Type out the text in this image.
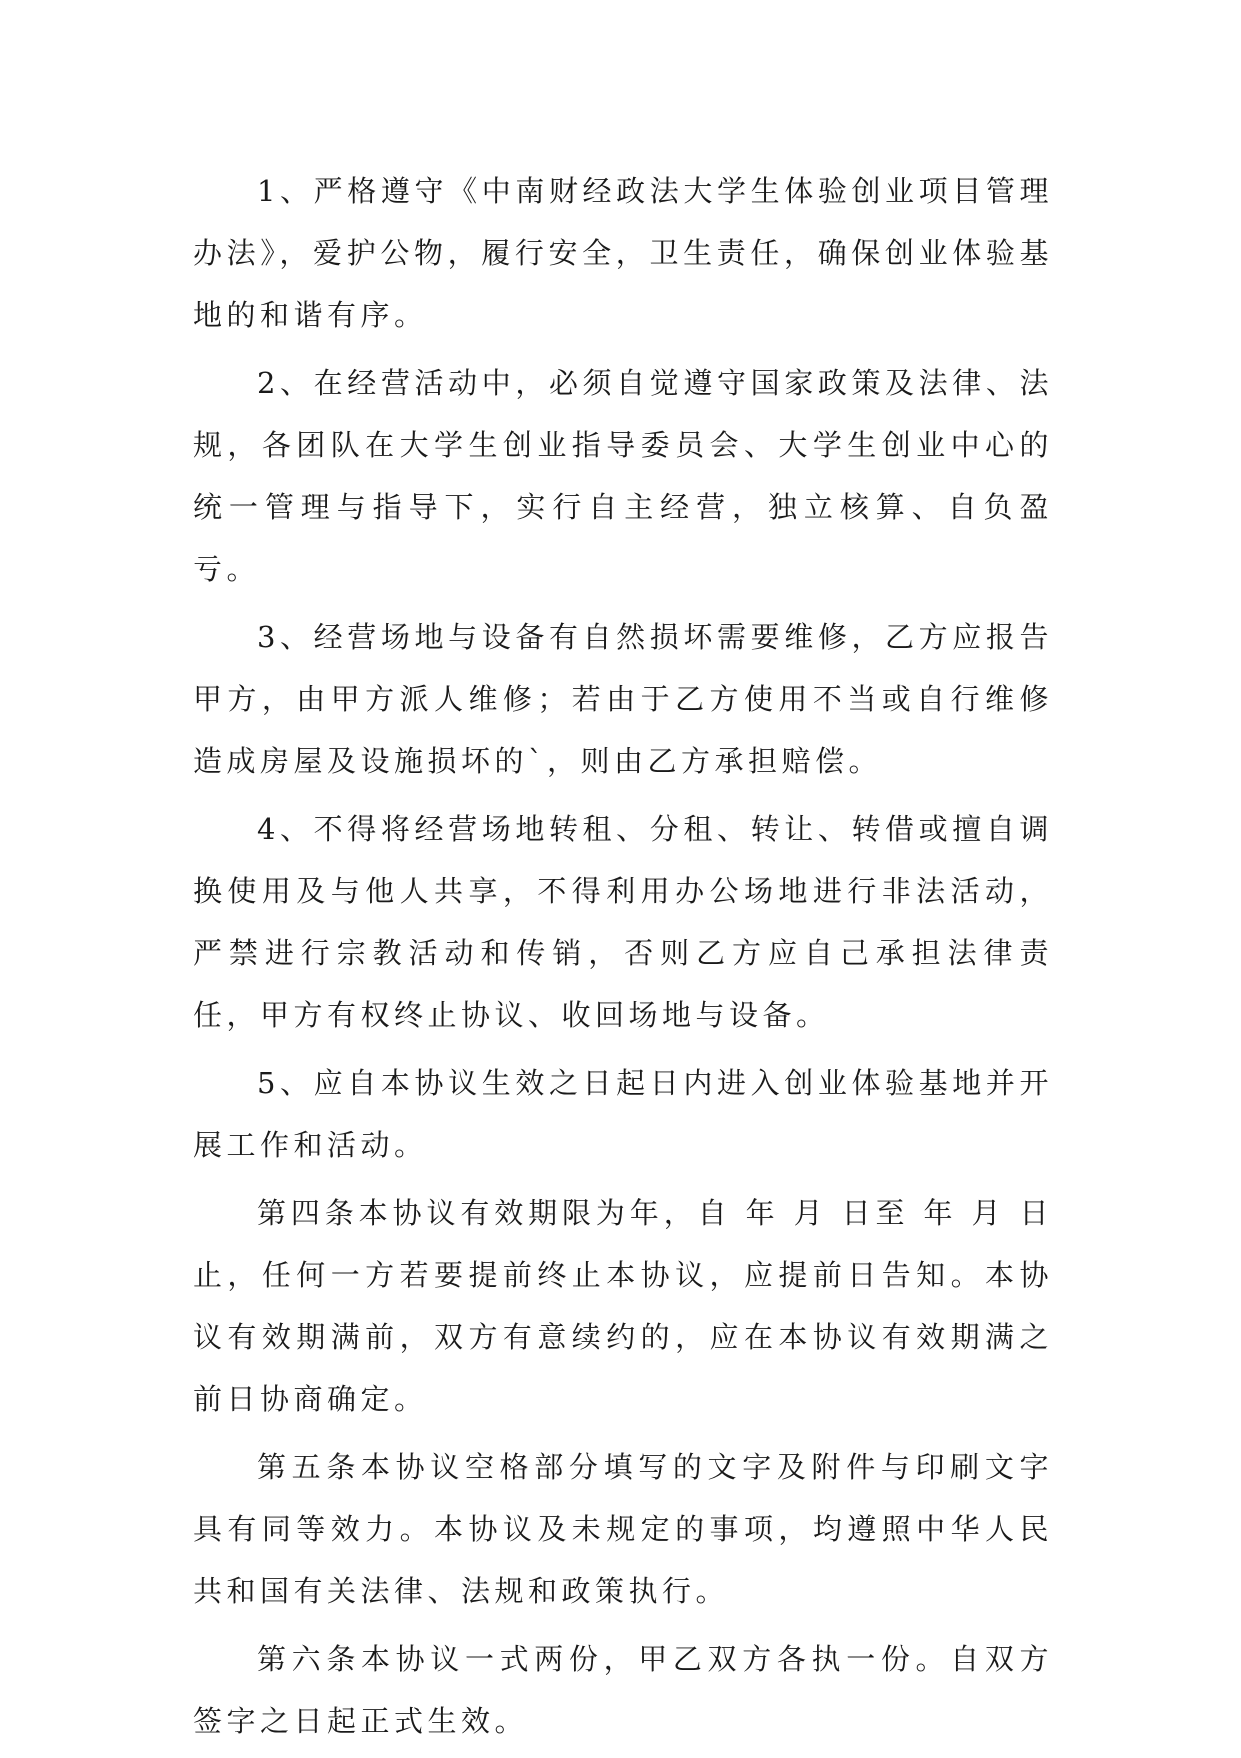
1、严格遵守《中南财经政法大学生体验创业项目管理办法》，爱护公物，履行安全，卫生责任，确保创业体验基地的和谐有序。

2、在经营活动中，必须自觉遵守国家政策及法律、法规，各团队在大学生创业指导委员会、大学生创业中心的统一管理与指导下，实行自主经营，独立核算、自负盈亏。

3、经营场地与设备有自然损坏需要维修，乙方应报告甲方，由甲方派人维修；若由于乙方使用不当或自行维修造成房屋及设施损坏的`，则由乙方承担赔偿。

4、不得将经营场地转租、分租、转让、转借或擅自调换使用及与他人共享，不得利用办公场地进行非法活动，严禁进行宗教活动和传销，否则乙方应自己承担法律责任，甲方有权终止协议、收回场地与设备。

5、应自本协议生效之日起日内进入创业体验基地并开展工作和活动。

第四条本协议有效期限为年，自 年 月 日至 年 月 日止，任何一方若要提前终止本协议，应提前日告知。本协议有效期满前，双方有意续约的，应在本协议有效期满之前日协商确定。

第五条本协议空格部分填写的文字及附件与印刷文字具有同等效力。本协议及未规定的事项，均遵照中华人民共和国有关法律、法规和政策执行。

第六条本协议一式两份，甲乙双方各执一份。自双方签字之日起正式生效。
